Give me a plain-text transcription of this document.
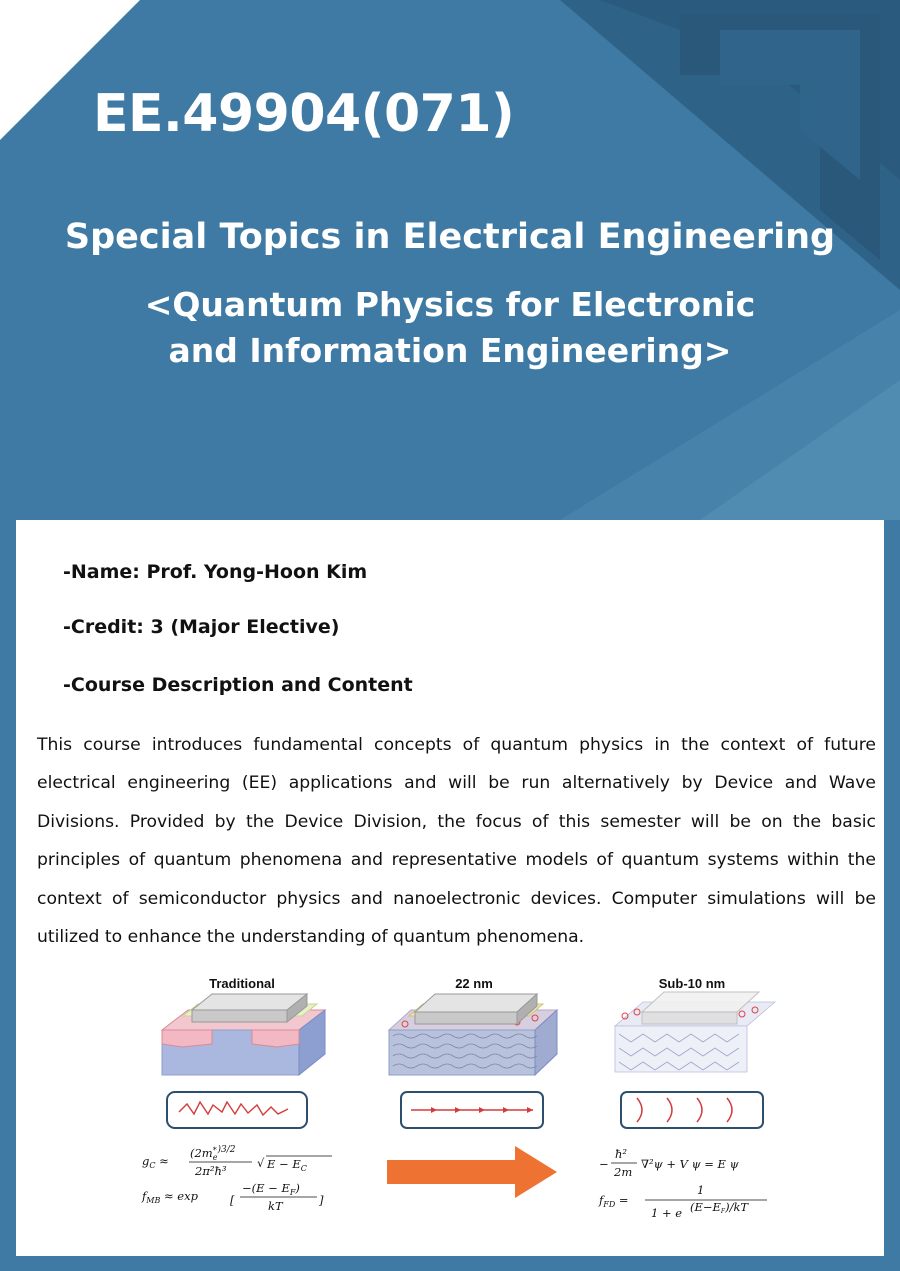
EE.49904(071)
Special Topics in Electrical Engineering
<Quantum Physics for Electronic
and Information Engineering>

-Name: Prof. Yong-Hoon Kim

-Credit: 3 (Major Elective)

-Course Description and Content

This course introduces fundamental concepts of quantum physics in the context of future electrical engineering (EE) applications and will be run alternatively by Device and Wave Divisions. Provided by the Device Division, the focus of this semester will be on the basic principles of quantum phenomena and representative models of quantum systems within the context of semiconductor physics and nanoelectronic devices. Computer simulations will be utilized to enhance the understanding of quantum phenomena.

Traditional	22 nm	Sub-10 nm
$g_C$ ≈
(2m* $e^{)3/2}$
2π²ħ³
√ $E - E_C$
$f_{MB} \approx \exp$	[
$-(E - E_F)$
kT	]
−
ħ²
2m
∇²ψ + V ψ = E ψ
$f_{FD}$ =
1
1 + e (E−EF)/kT
